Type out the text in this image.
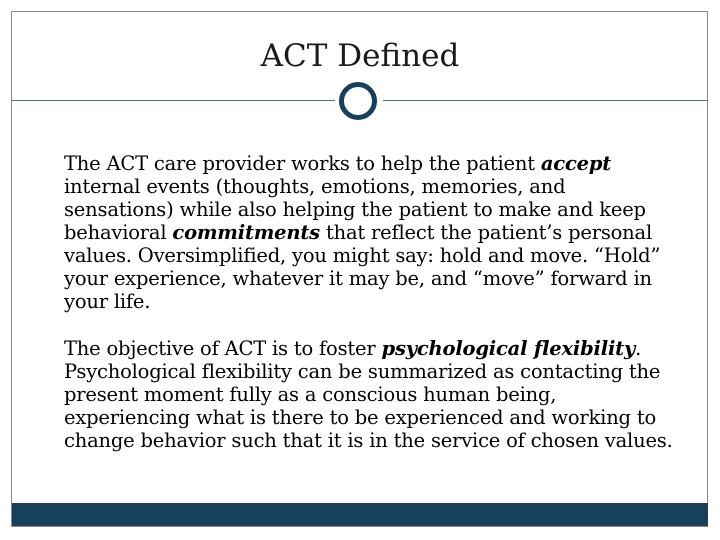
ACT Defined

The ACT care provider works to help the patient accept internal events (thoughts, emotions, memories, and sensations) while also helping the patient to make and keep behavioral commitments that reflect the patient’s personal values. Oversimplified, you might say: hold and move. “Hold” your experience, whatever it may be, and “move” forward in your life.

The objective of ACT is to foster psychological flexibility. Psychological flexibility can be summarized as contacting the present moment fully as a conscious human being, experiencing what is there to be experienced and working to change behavior such that it is in the service of chosen values.
